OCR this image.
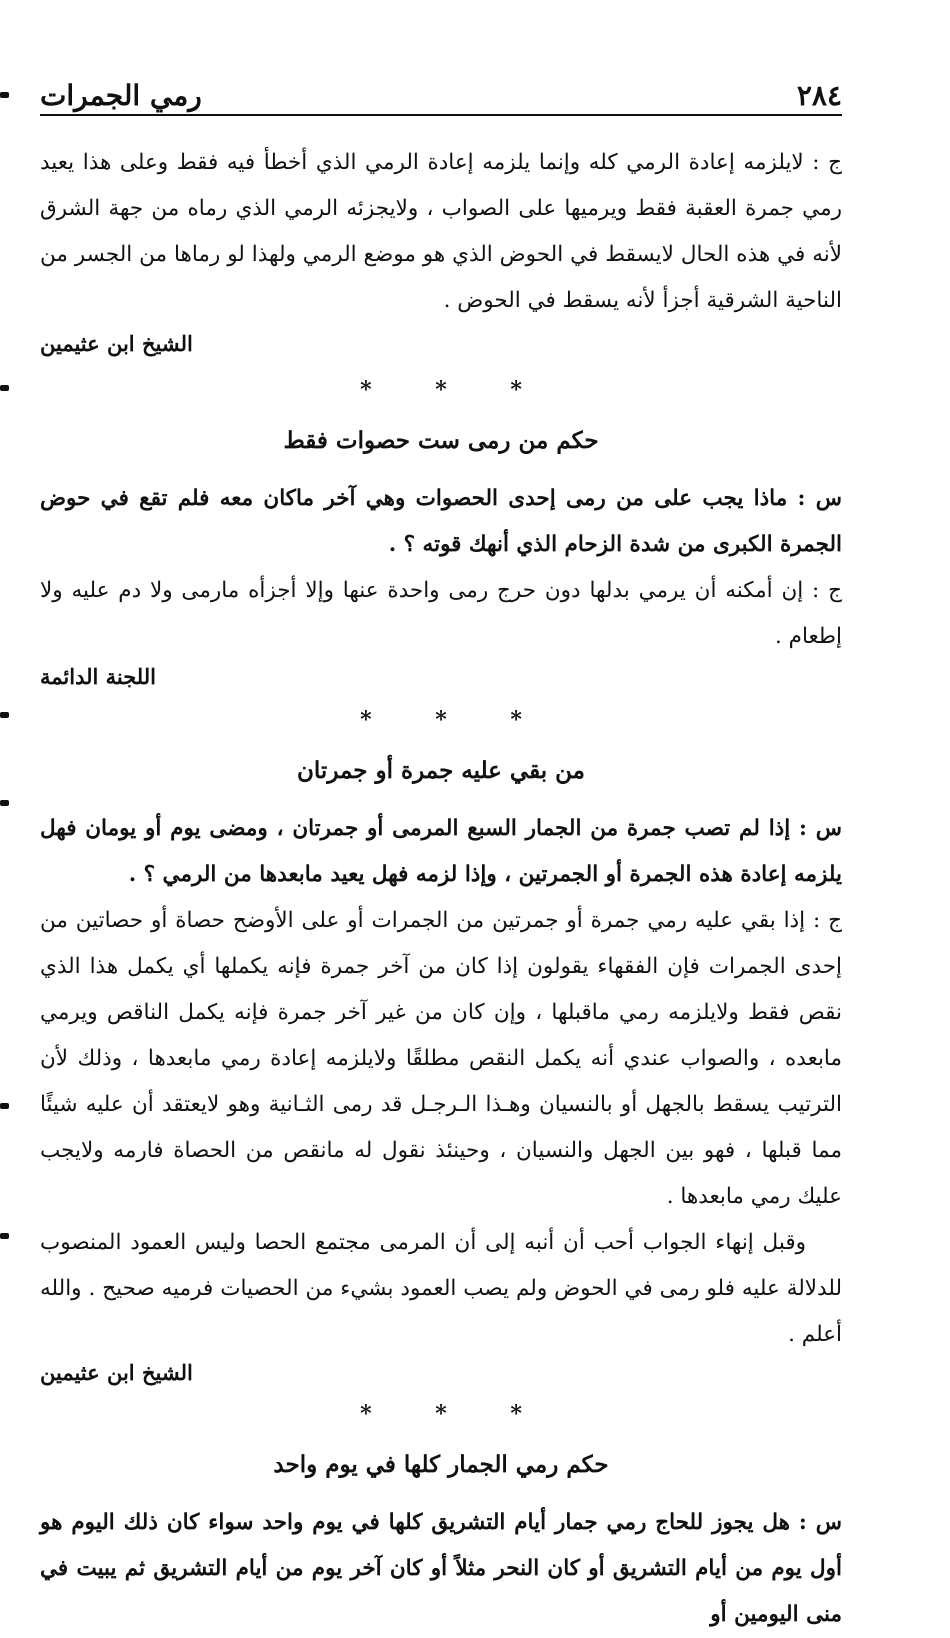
٢٨٤
رمي الجمرات

ج : لايلزمه إعادة الرمي كله وإنما يلزمه إعادة الرمي الذي أخطأ فيه فقط وعلى هذا يعيد رمي جمرة العقبة فقط ويرميها على الصواب ، ولايجزئه الرمي الذي رماه من جهة الشرق لأنه في هذه الحال لايسقط في الحوض الذي هو موضع الرمي ولهذا لو رماها من الجسر من الناحية الشرقية أجزأ لأنه يسقط في الحوض .

الشيخ ابن عثيمين
* * *
حكم من رمى ست حصوات فقط

س : ماذا يجب على من رمى إحدى الحصوات وهي آخر ماكان معه فلم تقع في حوض الجمرة الكبرى من شدة الزحام الذي أنهك قوته ؟ .

ج : إن أمكنه أن يرمي بدلها دون حرج رمى واحدة عنها وإلا أجزأه مارمى ولا دم عليه ولا إطعام .

اللجنة الدائمة
* * *
من بقي عليه جمرة أو جمرتان

س : إذا لم تصب جمرة من الجمار السبع المرمى أو جمرتان ، ومضى يوم أو يومان فهل يلزمه إعادة هذه الجمرة أو الجمرتين ، وإذا لزمه فهل يعيد مابعدها من الرمي ؟ .

ج : إذا بقي عليه رمي جمرة أو جمرتين من الجمرات أو على الأوضح حصاة أو حصاتين من إحدى الجمرات فإن الفقهاء يقولون إذا كان من آخر جمرة فإنه يكملها أي يكمل هذا الذي نقص فقط ولايلزمه رمي ماقبلها ، وإن كان من غير آخر جمرة فإنه يكمل الناقص ويرمي مابعده ، والصواب عندي أنه يكمل النقص مطلقًا ولايلزمه إعادة رمي مابعدها ، وذلك لأن الترتيب يسقط بالجهل أو بالنسيان وهـذا الـرجـل قد رمى الثـانية وهو لايعتقد أن عليه شيئًا مما قبلها ، فهو بين الجهل والنسيان ، وحينئذ نقول له مانقص من الحصاة فارمه ولايجب عليك رمي مابعدها .

وقبل إنهاء الجواب أحب أن أنبه إلى أن المرمى مجتمع الحصا وليس العمود المنصوب للدلالة عليه فلو رمى في الحوض ولم يصب العمود بشيء من الحصيات فرميه صحيح . والله أعلم .

الشيخ ابن عثيمين
* * *
حكم رمي الجمار كلها في يوم واحد

س : هل يجوز للحاج رمي جمار أيام التشريق كلها في يوم واحد سواء كان ذلك اليوم هو أول يوم من أيام التشريق أو كان النحر مثلاً أو كان آخر يوم من أيام التشريق ثم يبيت في منى اليومين أو
